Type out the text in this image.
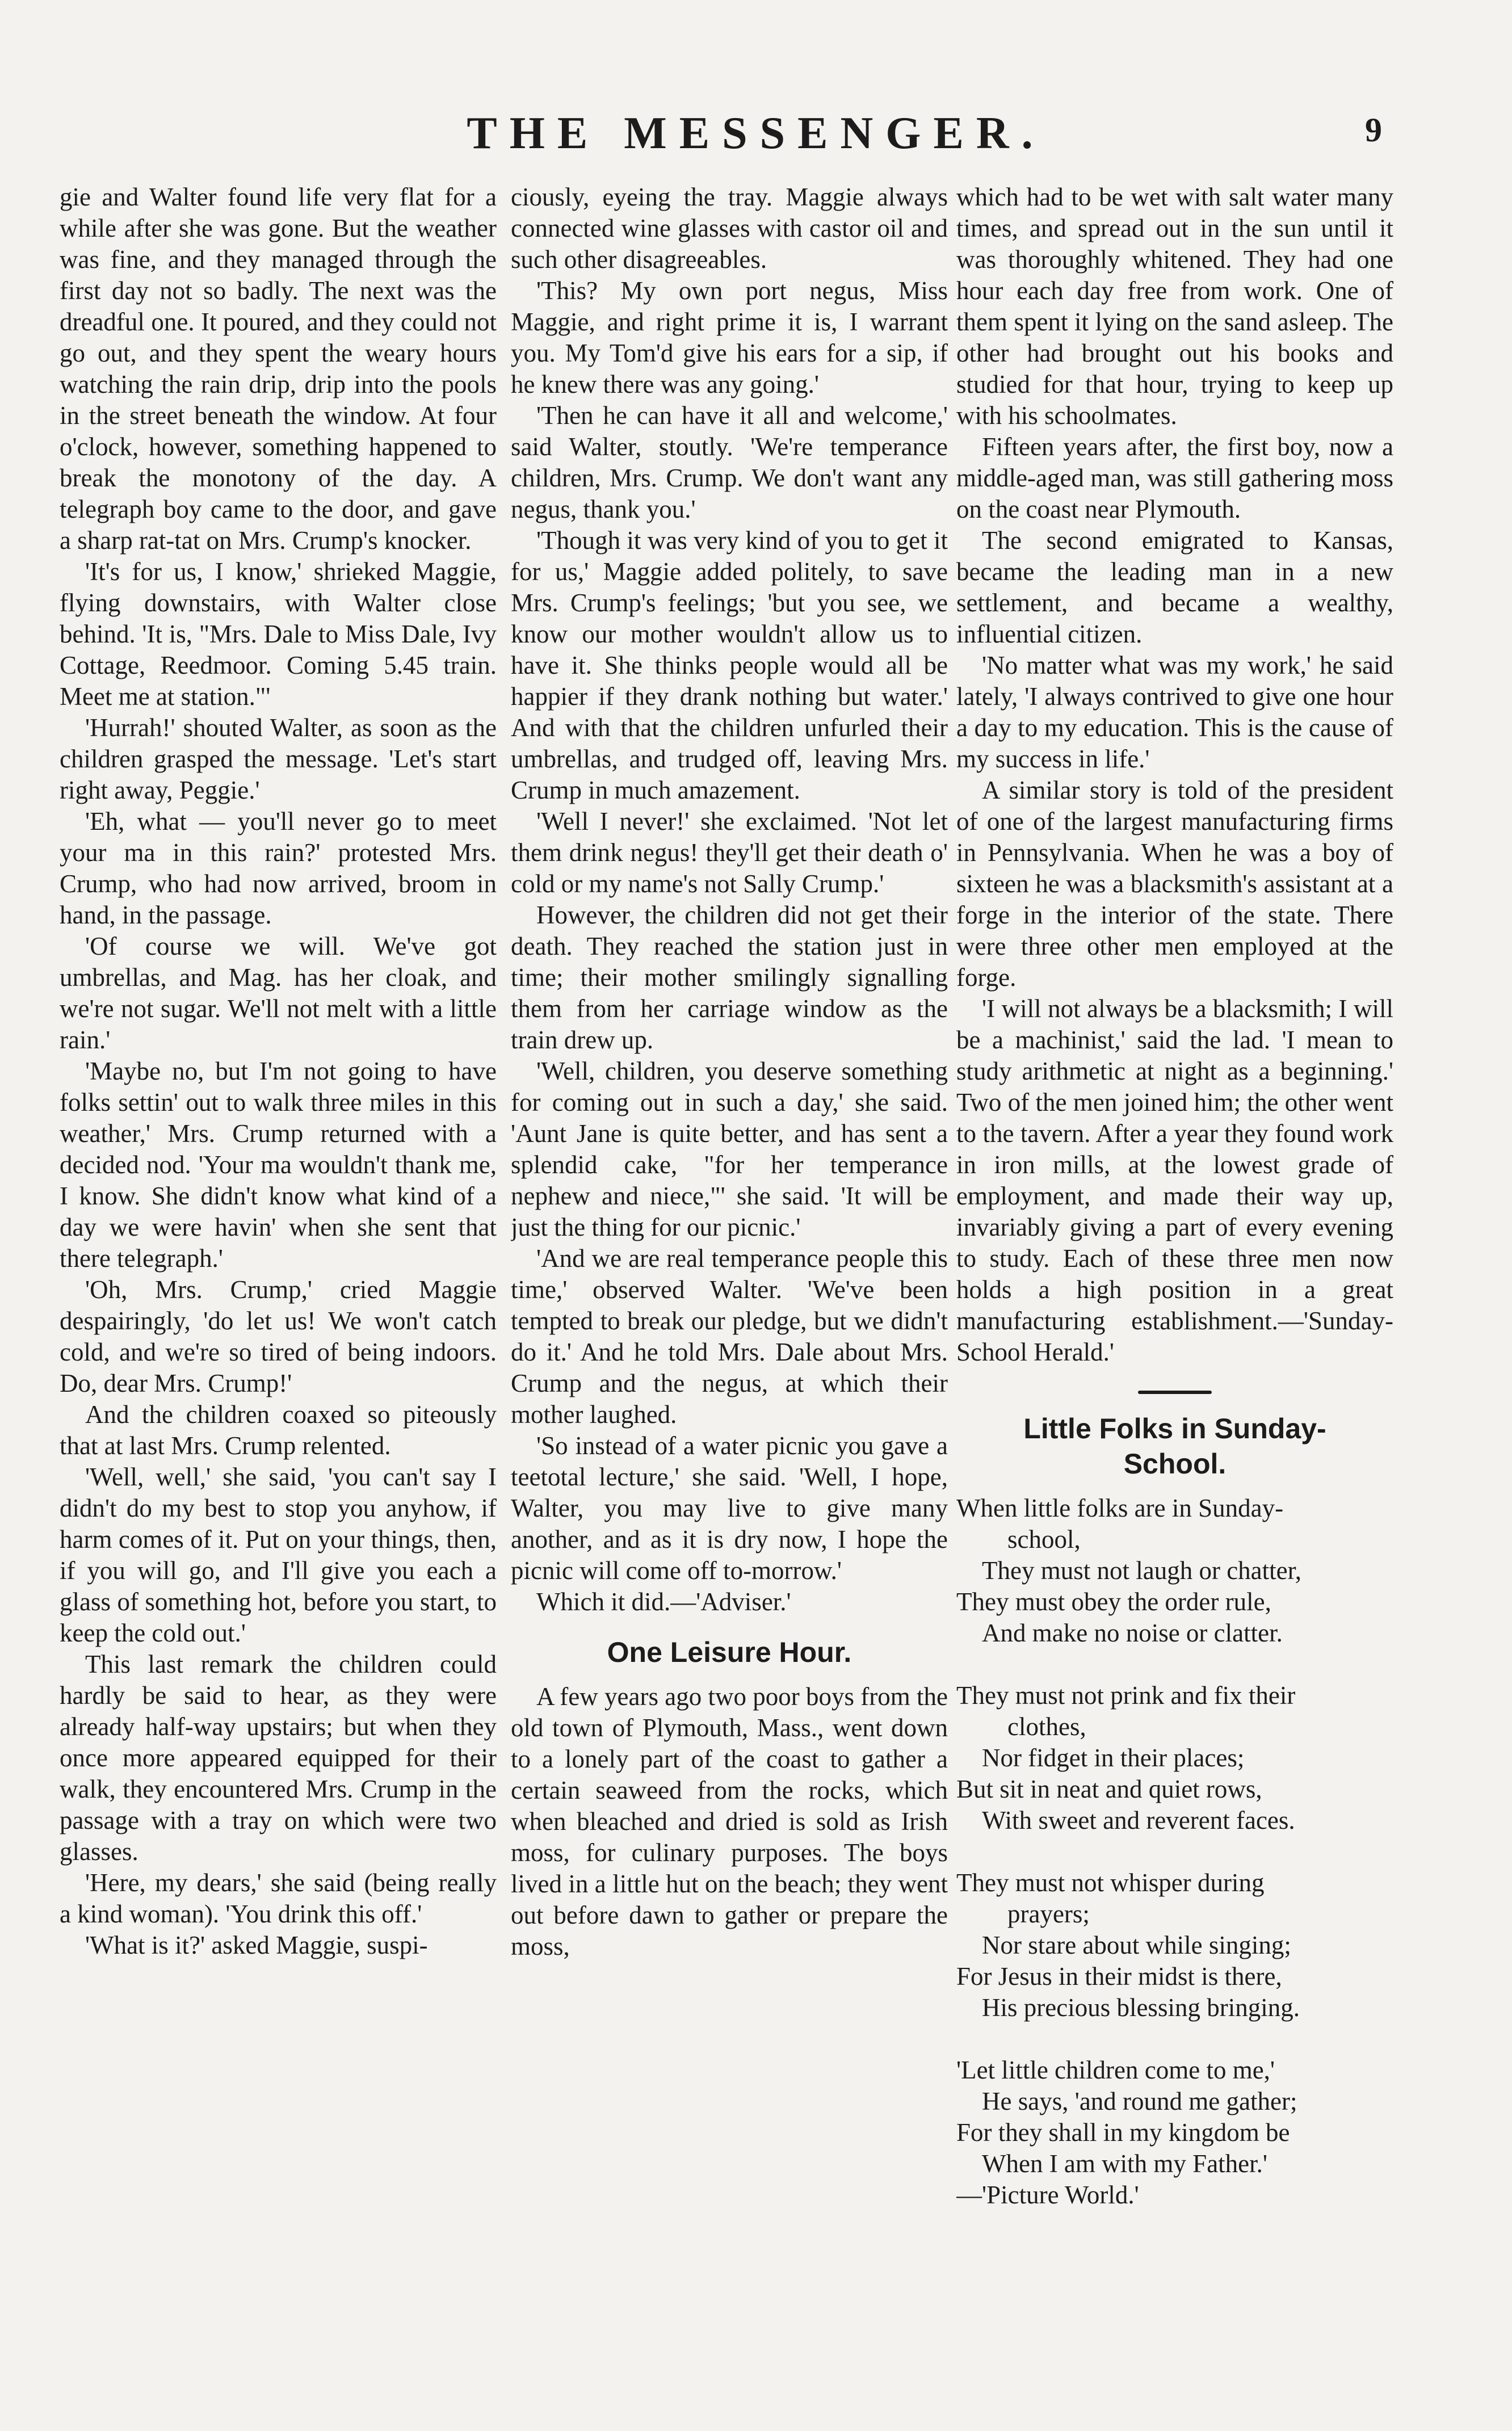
THE MESSENGER.	9

gie and Walter found life very flat for a while after she was gone. But the weather was fine, and they managed through the first day not so badly. The next was the dreadful one. It poured, and they could not go out, and they spent the weary hours watching the rain drip, drip into the pools in the street beneath the window. At four o'clock, however, something happened to break the monotony of the day. A telegraph boy came to the door, and gave a sharp rat-tat on Mrs. Crump's knocker.

'It's for us, I know,' shrieked Maggie, flying downstairs, with Walter close behind. 'It is, "Mrs. Dale to Miss Dale, Ivy Cottage, Reedmoor. Coming 5.45 train. Meet me at station."'

'Hurrah!' shouted Walter, as soon as the children grasped the message. 'Let's start right away, Peggie.'

'Eh, what — you'll never go to meet your ma in this rain?' protested Mrs. Crump, who had now arrived, broom in hand, in the passage.

'Of course we will. We've got umbrellas, and Mag. has her cloak, and we're not sugar. We'll not melt with a little rain.'

'Maybe no, but I'm not going to have folks settin' out to walk three miles in this weather,' Mrs. Crump returned with a decided nod. 'Your ma wouldn't thank me, I know. She didn't know what kind of a day we were havin' when she sent that there telegraph.'

'Oh, Mrs. Crump,' cried Maggie despairingly, 'do let us! We won't catch cold, and we're so tired of being indoors. Do, dear Mrs. Crump!'

And the children coaxed so piteously that at last Mrs. Crump relented.

'Well, well,' she said, 'you can't say I didn't do my best to stop you anyhow, if harm comes of it. Put on your things, then, if you will go, and I'll give you each a glass of something hot, before you start, to keep the cold out.'

This last remark the children could hardly be said to hear, as they were already half-way upstairs; but when they once more appeared equipped for their walk, they encountered Mrs. Crump in the passage with a tray on which were two glasses.

'Here, my dears,' she said (being really a kind woman). 'You drink this off.'

'What is it?' asked Maggie, suspi-

ciously, eyeing the tray. Maggie always connected wine glasses with castor oil and such other disagreeables.

'This? My own port negus, Miss Maggie, and right prime it is, I warrant you. My Tom'd give his ears for a sip, if he knew there was any going.'

'Then he can have it all and welcome,' said Walter, stoutly. 'We're temperance children, Mrs. Crump. We don't want any negus, thank you.'

'Though it was very kind of you to get it for us,' Maggie added politely, to save Mrs. Crump's feelings; 'but you see, we know our mother wouldn't allow us to have it. She thinks people would all be happier if they drank nothing but water.' And with that the children unfurled their umbrellas, and trudged off, leaving Mrs. Crump in much amazement.

'Well I never!' she exclaimed. 'Not let them drink negus! they'll get their death o' cold or my name's not Sally Crump.'

However, the children did not get their death. They reached the station just in time; their mother smilingly signalling them from her carriage window as the train drew up.

'Well, children, you deserve something for coming out in such a day,' she said. 'Aunt Jane is quite better, and has sent a splendid cake, "for her temperance nephew and niece,"' she said. 'It will be just the thing for our picnic.'

'And we are real temperance people this time,' observed Walter. 'We've been tempted to break our pledge, but we didn't do it.' And he told Mrs. Dale about Mrs. Crump and the negus, at which their mother laughed.

'So instead of a water picnic you gave a teetotal lecture,' she said. 'Well, I hope, Walter, you may live to give many another, and as it is dry now, I hope the picnic will come off to-morrow.'

Which it did.—'Adviser.'

One Leisure Hour.

A few years ago two poor boys from the old town of Plymouth, Mass., went down to a lonely part of the coast to gather a certain seaweed from the rocks, which when bleached and dried is sold as Irish moss, for culinary purposes. The boys lived in a little hut on the beach; they went out before dawn to gather or prepare the moss,

which had to be wet with salt water many times, and spread out in the sun until it was thoroughly whitened. They had one hour each day free from work. One of them spent it lying on the sand asleep. The other had brought out his books and studied for that hour, trying to keep up with his schoolmates.

Fifteen years after, the first boy, now a middle-aged man, was still gathering moss on the coast near Plymouth.

The second emigrated to Kansas, became the leading man in a new settlement, and became a wealthy, influential citizen.

'No matter what was my work,' he said lately, 'I always contrived to give one hour a day to my education. This is the cause of my success in life.'

A similar story is told of the president of one of the largest manufacturing firms in Pennsylvania. When he was a boy of sixteen he was a blacksmith's assistant at a forge in the interior of the state. There were three other men employed at the forge.

'I will not always be a blacksmith; I will be a machinist,' said the lad. 'I mean to study arithmetic at night as a beginning.' Two of the men joined him; the other went to the tavern. After a year they found work in iron mills, at the lowest grade of employment, and made their way up, invariably giving a part of every evening to study. Each of these three men now holds a high position in a great manufacturing establishment.—'Sunday-School Herald.'

Little Folks in Sunday-
School.
When little folks are in Sunday-
school,
They must not laugh or chatter,
They must obey the order rule,
And make no noise or clatter.
They must not prink and fix their
clothes,
Nor fidget in their places;
But sit in neat and quiet rows,
With sweet and reverent faces.
They must not whisper during
prayers;
Nor stare about while singing;
For Jesus in their midst is there,
His precious blessing bringing.
'Let little children come to me,'
He says, 'and round me gather;
For they shall in my kingdom be
When I am with my Father.'
—'Picture World.'
